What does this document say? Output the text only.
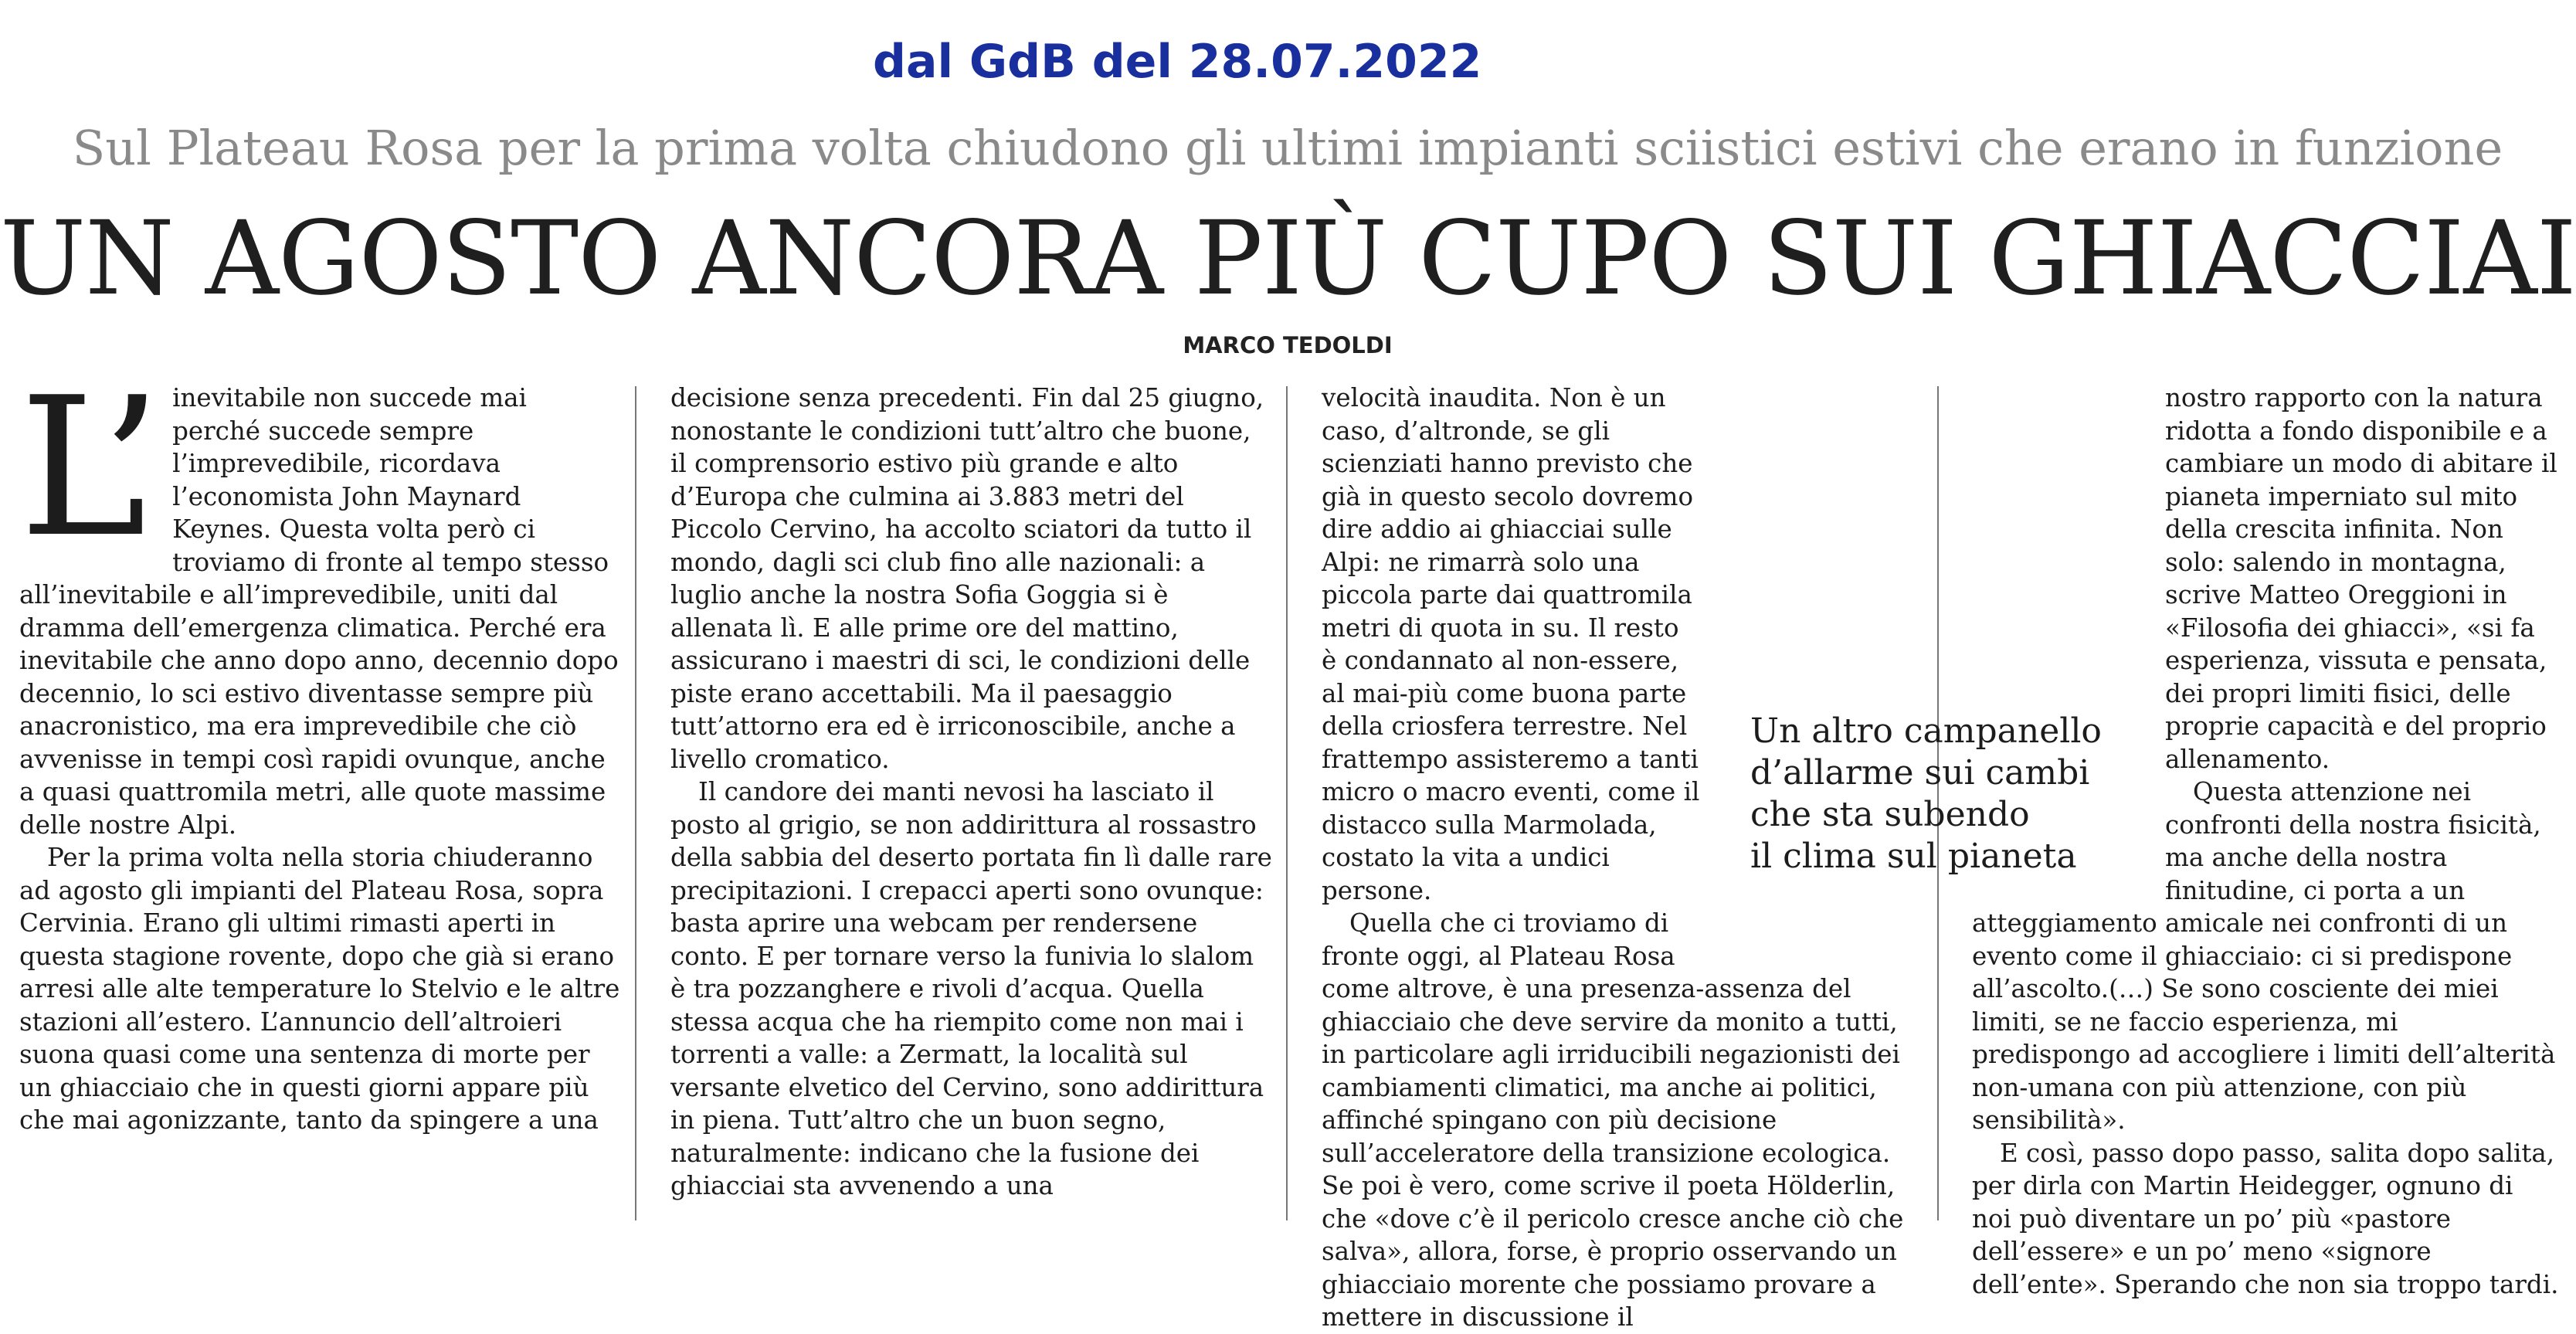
dal GdB del 28.07.2022
Sul Plateau Rosa per la prima volta chiudono gli ultimi impianti sciistici estivi che erano in funzione
UN AGOSTO ANCORA PIÙ CUPO SUI GHIACCIAI
MARCO TEDOLDI
L’ inevitabile non succede mai perché succede sempre l’imprevedibile, ricordava l’economista John Maynard Keynes. Questa volta però ci troviamo di fronte al tempo stesso all’inevitabile e all’imprevedibile, uniti dal dramma dell’emergenza climatica. Perché era inevitabile che anno dopo anno, decennio dopo decennio, lo sci estivo diventasse sempre più anacronistico, ma era imprevedibile che ciò avvenisse in tempi così rapidi ovunque, anche a quasi quattromila metri, alle quote massime delle nostre Alpi.

Per la prima volta nella storia chiuderanno ad agosto gli impianti del Plateau Rosa, sopra Cervinia. Erano gli ultimi rimasti aperti in questa stagione rovente, dopo che già si erano arresi alle alte temperature lo Stelvio e le altre stazioni all’estero. L’annuncio dell’altroieri suona quasi come una sentenza di morte per un ghiacciaio che in questi giorni appare più che mai agonizzante, tanto da spingere a una

decisione senza precedenti. Fin dal 25 giugno, nonostante le condizioni tutt’altro che buone, il comprensorio estivo più grande e alto d’Europa che culmina ai 3.883 metri del Piccolo Cervino, ha accolto sciatori da tutto il mondo, dagli sci club fino alle nazionali: a luglio anche la nostra Sofia Goggia si è allenata lì. E alle prime ore del mattino, assicurano i maestri di sci, le condizioni delle piste erano accettabili. Ma il paesaggio tutt’attorno era ed è irriconoscibile, anche a livello cromatico.

Il candore dei manti nevosi ha lasciato il posto al grigio, se non addirittura al rossastro della sabbia del deserto portata fin lì dalle rare precipitazioni. I crepacci aperti sono ovunque: basta aprire una webcam per rendersene conto. E per tornare verso la funivia lo slalom è tra pozzanghere e rivoli d’acqua. Quella stessa acqua che ha riempito come non mai i torrenti a valle: a Zermatt, la località sul versante elvetico del Cervino, sono addirittura in piena. Tutt’altro che un buon segno, naturalmente: indicano che la fusione dei ghiacciai sta avvenendo a una

velocità inaudita. Non è un caso, d’altronde, se gli scienziati hanno previsto che già in questo secolo dovremo dire addio ai ghiacciai sulle Alpi: ne rimarrà solo una piccola parte dai quattromila metri di quota in su. Il resto è condannato al non-essere, al mai-più come buona parte della criosfera terrestre. Nel frattempo assisteremo a tanti micro o macro eventi, come il distacco sulla Marmolada, costato la vita a undici persone.

Quella che ci troviamo di fronte oggi, al Plateau Rosa come altrove, è una presenza-assenza del ghiacciaio che deve servire da monito a tutti, in particolare agli irriducibili negazionisti dei cambiamenti climatici, ma anche ai politici, affinché spingano con più decisione sull’acceleratore della transizione ecologica. Se poi è vero, come scrive il poeta Hölderlin, che «dove c’è il pericolo cresce anche ciò che salva», allora, forse, è proprio osservando un ghiacciaio morente che possiamo provare a mettere in discussione il

nostro rapporto con la natura ridotta a fondo disponibile e a cambiare un modo di abitare il pianeta imperniato sul mito della crescita infinita. Non solo: salendo in montagna, scrive Matteo Oreggioni in «Filosofia dei ghiacci», «si fa esperienza, vissuta e pensata, dei propri limiti fisici, delle proprie capacità e del proprio allenamento.

Questa attenzione nei confronti della nostra fisicità, ma anche della nostra finitudine, ci porta a un atteggiamento amicale nei confronti di un evento come il ghiacciaio: ci si predispone all’ascolto.(…) Se sono cosciente dei miei limiti, se ne faccio esperienza, mi predispongo ad accogliere i limiti dell’alterità non-umana con più attenzione, con più sensibilità».

E così, passo dopo passo, salita dopo salita, per dirla con Martin Heidegger, ognuno di noi può diventare un po’ più «pastore dell’essere» e un po’ meno «signore dell’ente». Sperando che non sia troppo tardi.

Un altro campanello
d’allarme sui cambi
che sta subendo
il clima sul pianeta
